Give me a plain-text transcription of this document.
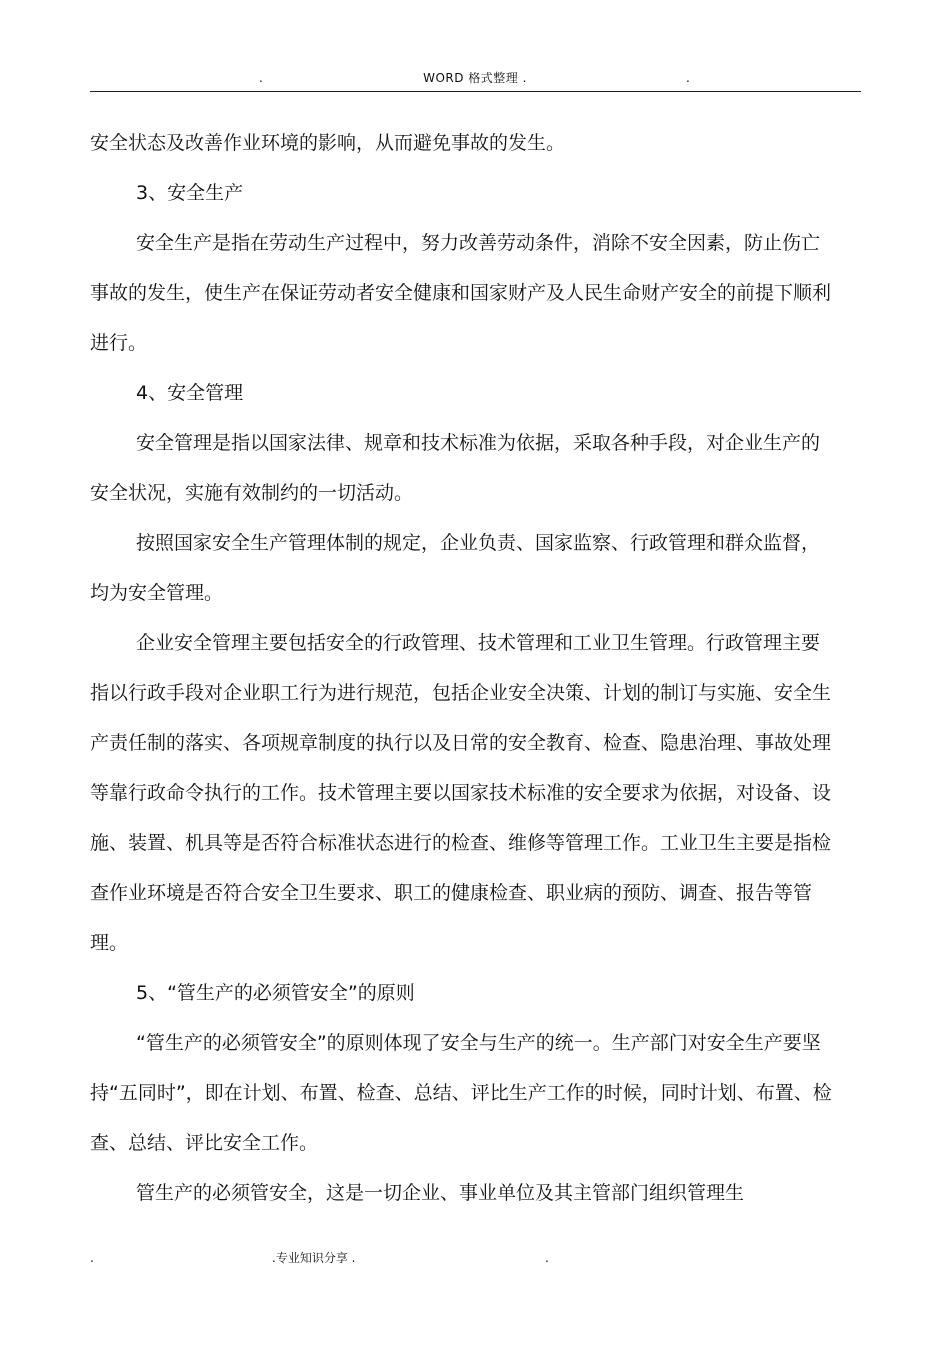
.	WORD 格式整理 .	.

安全状态及改善作业环境的影响，从而避免事故的发生。

3、安全生产

安全生产是指在劳动生产过程中，努力改善劳动条件，消除不安全因素，防止伤亡事故的发生，使生产在保证劳动者安全健康和国家财产及人民生命财产安全的前提下顺利进行。

4、安全管理

安全管理是指以国家法律、规章和技术标准为依据，采取各种手段，对企业生产的安全状况，实施有效制约的一切活动。

按照国家安全生产管理体制的规定，企业负责、国家监察、行政管理和群众监督，均为安全管理。

企业安全管理主要包括安全的行政管理、技术管理和工业卫生管理。行政管理主要指以行政手段对企业职工行为进行规范，包括企业安全决策、计划的制订与实施、安全生产责任制的落实、各项规章制度的执行以及日常的安全教育、检查、隐患治理、事故处理等靠行政命令执行的工作。技术管理主要以国家技术标准的安全要求为依据，对设备、设施、装置、机具等是否符合标准状态进行的检查、维修等管理工作。工业卫生主要是指检查作业环境是否符合安全卫生要求、职工的健康检查、职业病的预防、调查、报告等管理。

5、“管生产的必须管安全”的原则

“管生产的必须管安全”的原则体现了安全与生产的统一。生产部门对安全生产要坚持“五同时”，即在计划、布置、检查、总结、评比生产工作的时候，同时计划、布置、检查、总结、评比安全工作。

管生产的必须管安全，这是一切企业、事业单位及其主管部门组织管理生

.	.专业知识分享 .	.
